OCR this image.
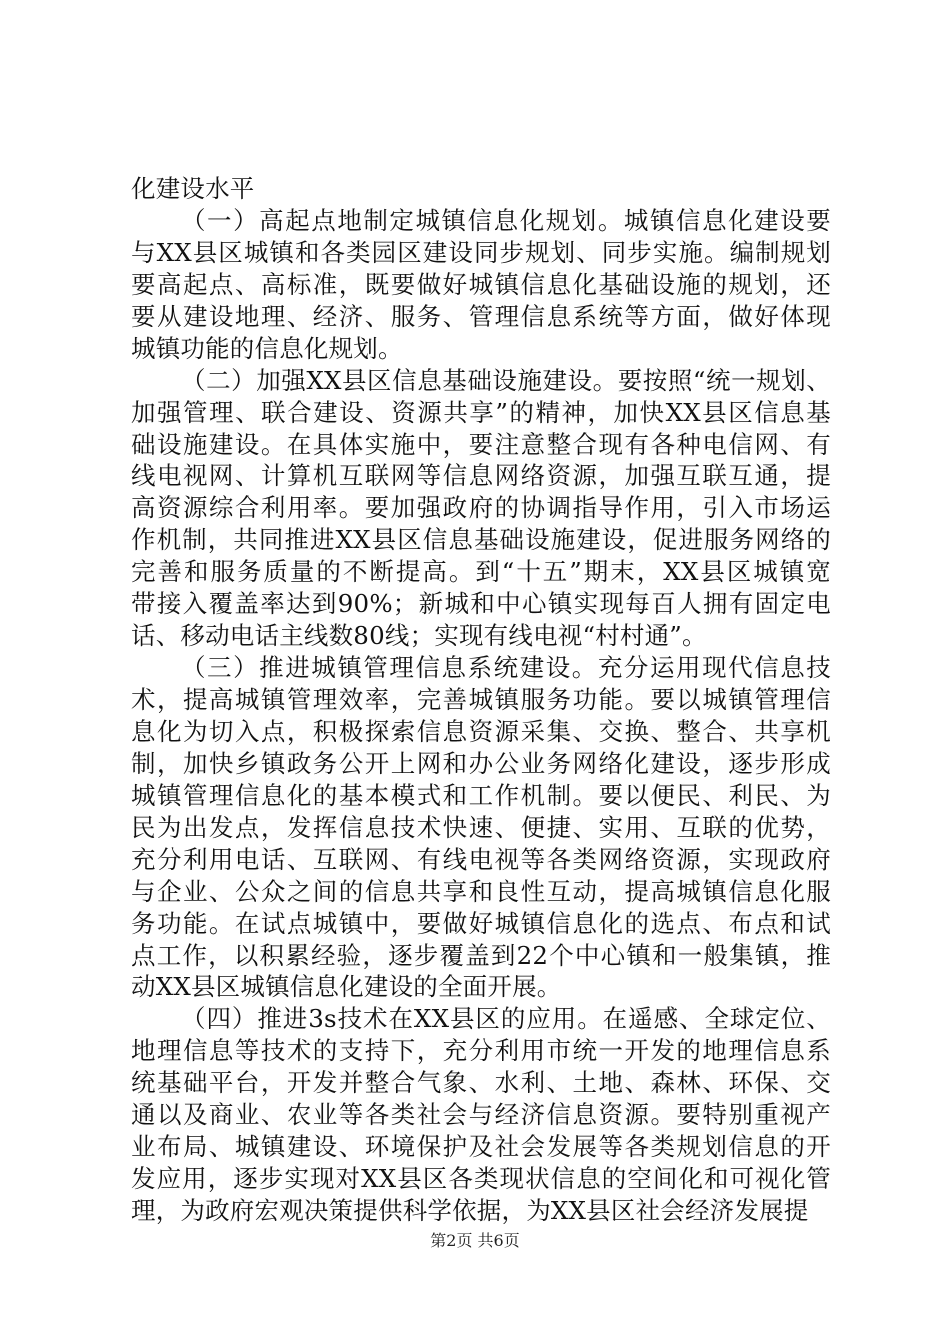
化建设水平
（一）高起点地制定城镇信息化规划。城镇信息化建设要
与XX县区城镇和各类园区建设同步规划、同步实施。编制规划
要高起点、高标准，既要做好城镇信息化基础设施的规划，还
要从建设地理、经济、服务、管理信息系统等方面，做好体现
城镇功能的信息化规划。
（二）加强XX县区信息基础设施建设。要按照“统一规划、
加强管理、联合建设、资源共享”的精神，加快XX县区信息基
础设施建设。在具体实施中，要注意整合现有各种电信网、有
线电视网、计算机互联网等信息网络资源，加强互联互通，提
高资源综合利用率。要加强政府的协调指导作用，引入市场运
作机制，共同推进XX县区信息基础设施建设，促进服务网络的
完善和服务质量的不断提高。到“十五”期末，XX县区城镇宽
带接入覆盖率达到90%；新城和中心镇实现每百人拥有固定电
话、移动电话主线数80线；实现有线电视“村村通”。
（三）推进城镇管理信息系统建设。充分运用现代信息技
术，提高城镇管理效率，完善城镇服务功能。要以城镇管理信
息化为切入点，积极探索信息资源采集、交换、整合、共享机
制，加快乡镇政务公开上网和办公业务网络化建设，逐步形成
城镇管理信息化的基本模式和工作机制。要以便民、利民、为
民为出发点，发挥信息技术快速、便捷、实用、互联的优势，
充分利用电话、互联网、有线电视等各类网络资源，实现政府
与企业、公众之间的信息共享和良性互动，提高城镇信息化服
务功能。在试点城镇中，要做好城镇信息化的选点、布点和试
点工作，以积累经验，逐步覆盖到22个中心镇和一般集镇，推
动XX县区城镇信息化建设的全面开展。
（四）推进3s技术在XX县区的应用。在遥感、全球定位、
地理信息等技术的支持下，充分利用市统一开发的地理信息系
统基础平台，开发并整合气象、水利、土地、森林、环保、交
通以及商业、农业等各类社会与经济信息资源。要特别重视产
业布局、城镇建设、环境保护及社会发展等各类规划信息的开
发应用，逐步实现对XX县区各类现状信息的空间化和可视化管
理，为政府宏观决策提供科学依据，为XX县区社会经济发展提
第2页 共6页
